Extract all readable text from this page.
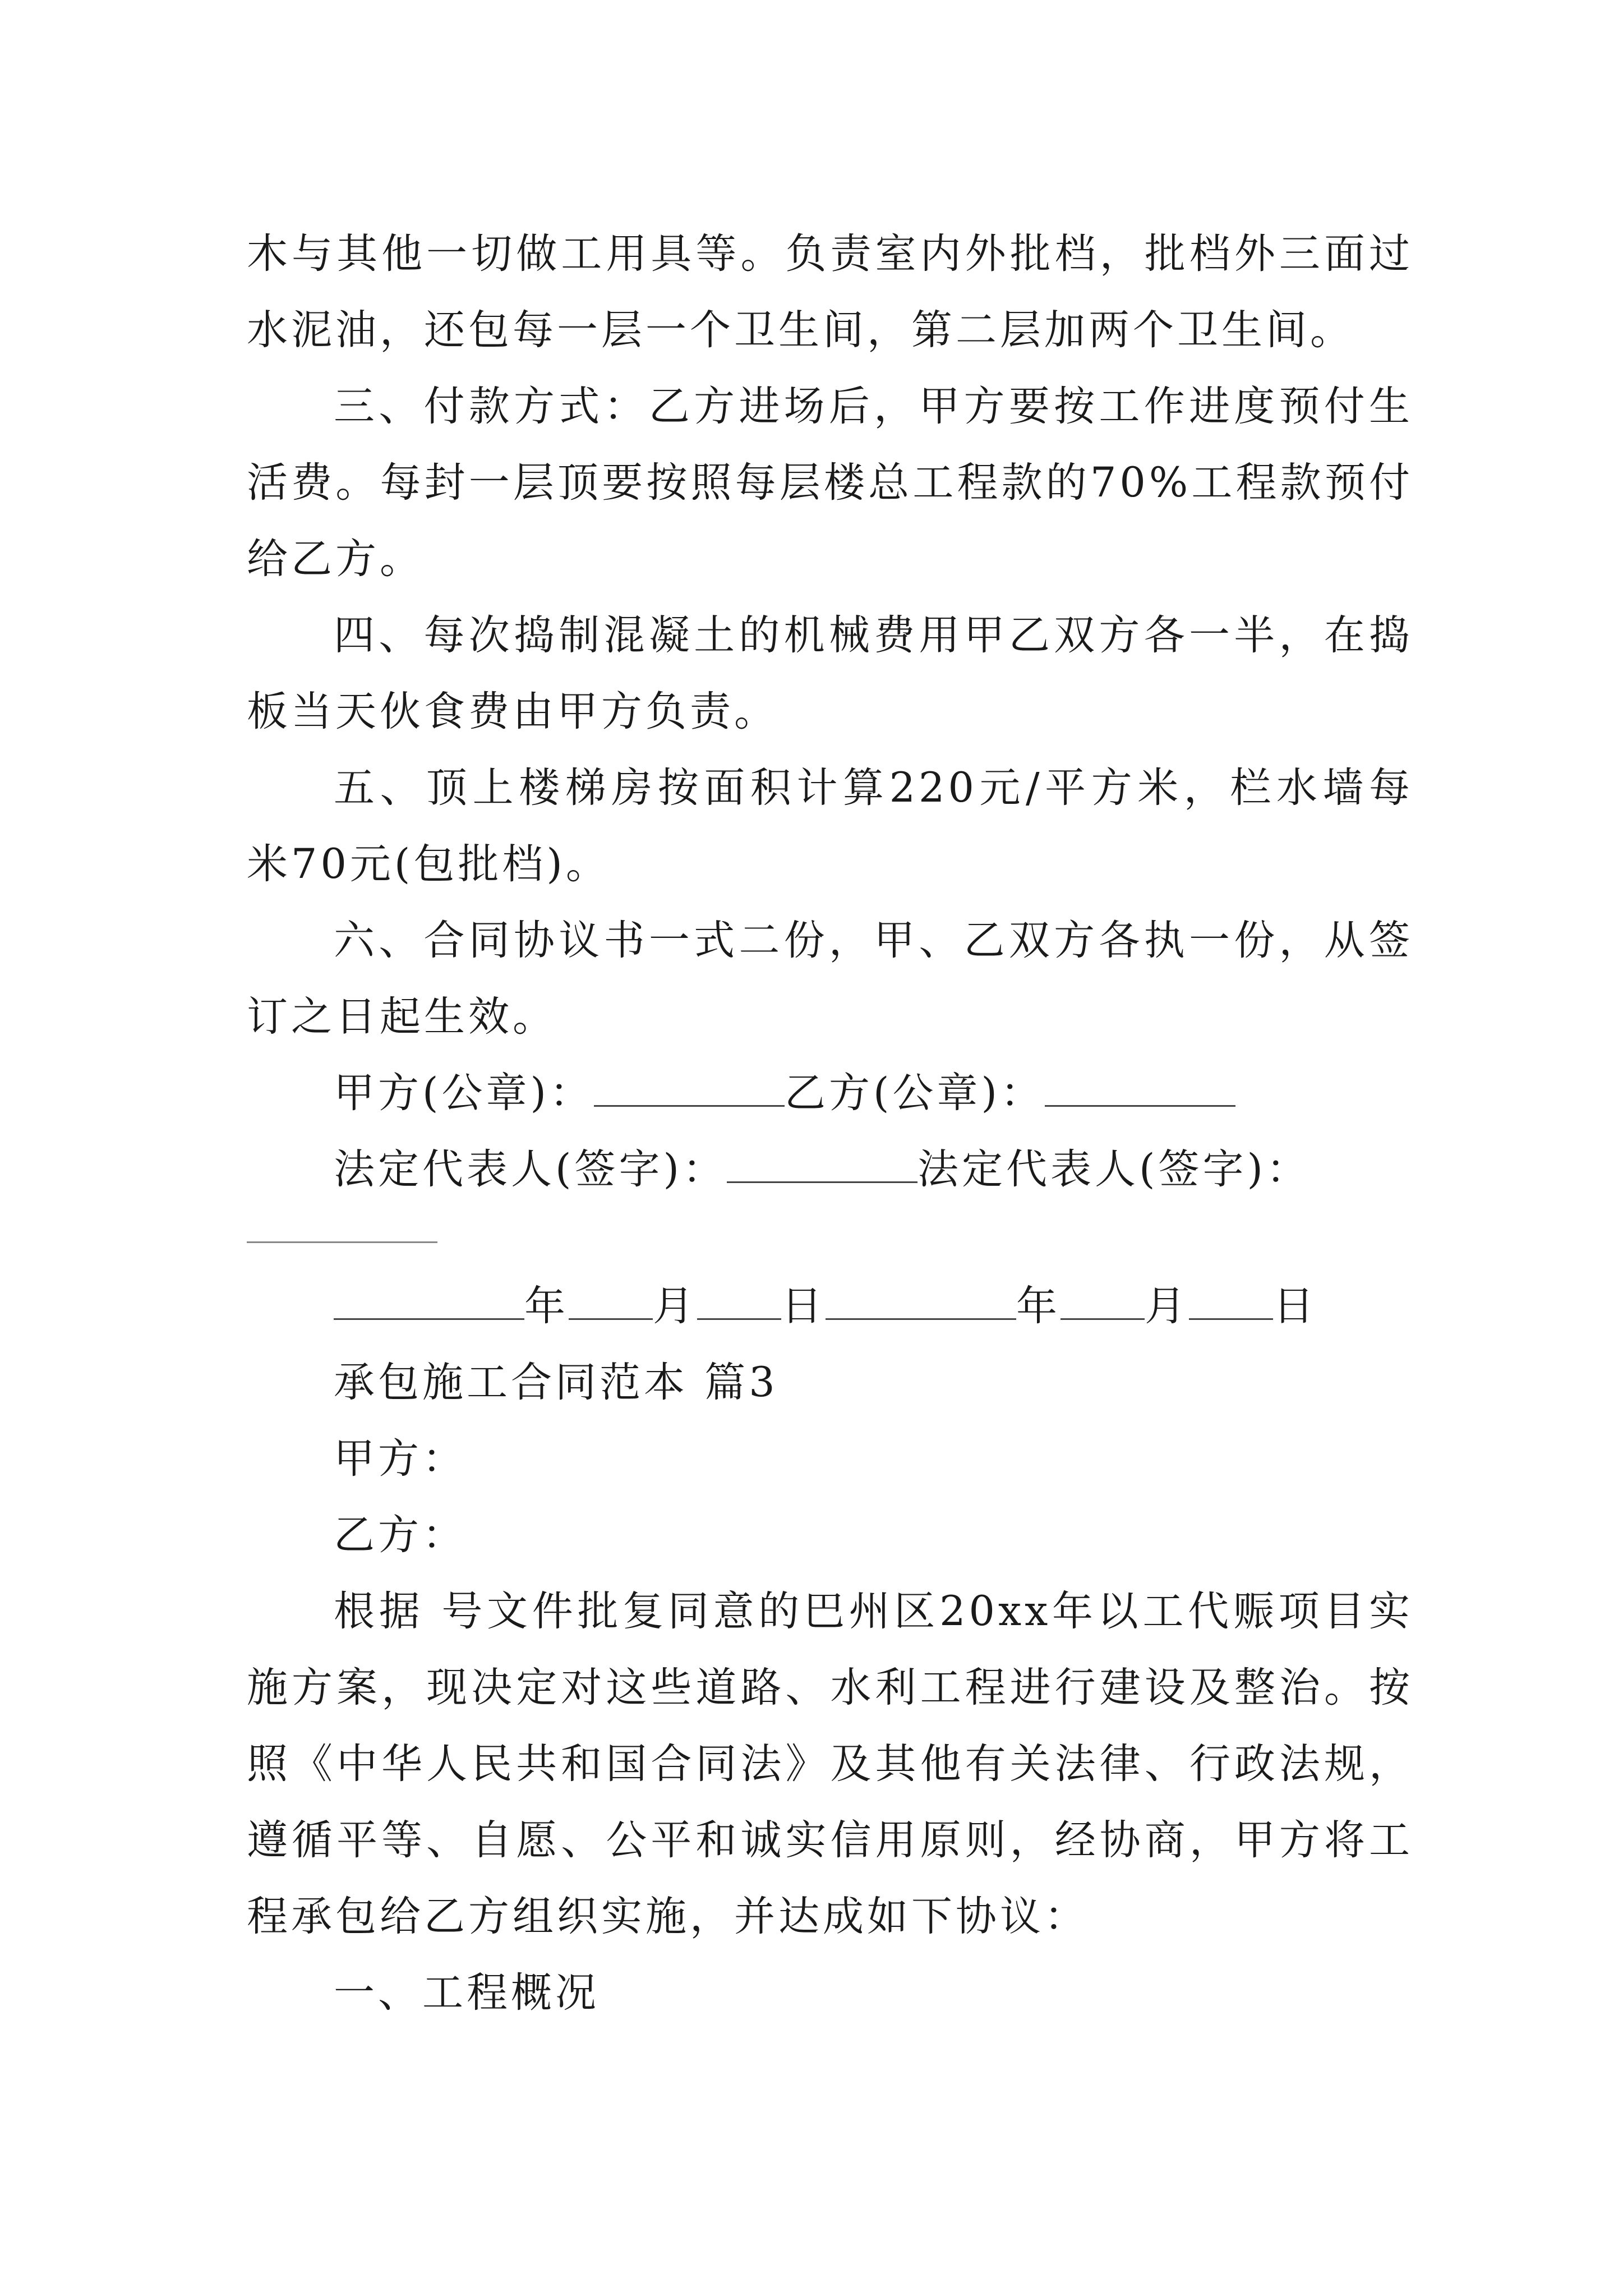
木与其他一切做工用具等。负责室内外批档，批档外三面过水泥油，还包每一层一个卫生间，第二层加两个卫生间。

三、付款方式：乙方进场后，甲方要按工作进度预付生活费。每封一层顶要按照每层楼总工程款的70%工程款预付给乙方。

四、每次捣制混凝土的机械费用甲乙双方各一半，在捣板当天伙食费由甲方负责。

五、顶上楼梯房按面积计算220元/平方米，栏水墙每米70元(包批档)。

六、合同协议书一式二份，甲、乙双方各执一份，从签订之日起生效。

甲方(公章)：	乙方(公章)：

法定代表人(签字)：	法定代表人(签字)：

年 月 日	年 月 日

承包施工合同范本 篇3

甲方：

乙方：

根据 号文件批复同意的巴州区20xx年以工代赈项目实施方案，现决定对这些道路、水利工程进行建设及整治。按照《中华人民共和国合同法》及其他有关法律、行政法规，遵循平等、自愿、公平和诚实信用原则，经协商，甲方将工程承包给乙方组织实施，并达成如下协议：

一、工程概况
